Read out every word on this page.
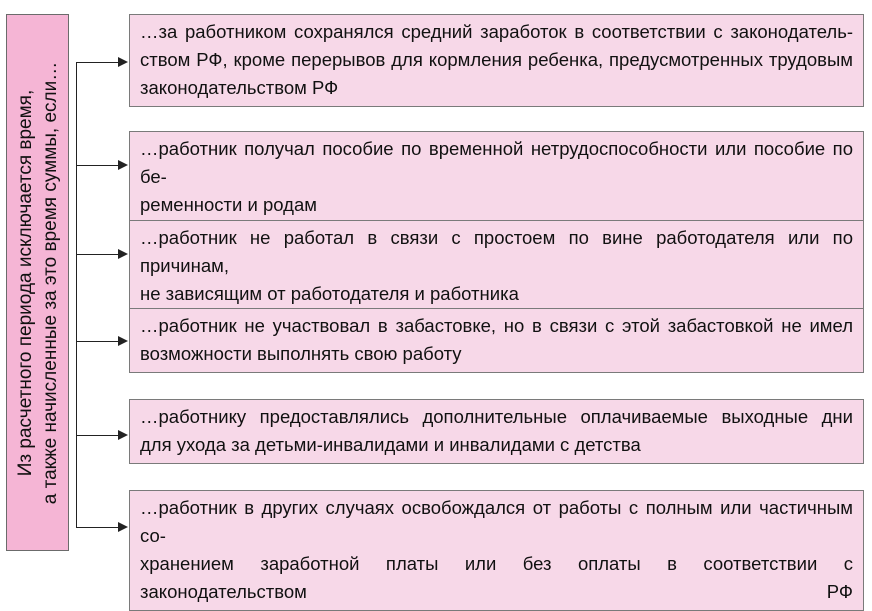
Из расчетного периода исключается время, а также начисленные за это время суммы, если…
…за работником сохранялся средний заработок в соответствии с законодатель-
ством РФ, кроме перерывов для кормления ребенка, предусмотренных трудовым
законодательством РФ
…работник получал пособие по временной нетрудоспособности или пособие по бе-
ременности и родам
…работник не работал в связи с простоем по вине работодателя или по причинам,
не зависящим от работодателя и работника
…работник не участвовал в забастовке, но в связи с этой забастовкой не имел
возможности выполнять свою работу
…работнику предоставлялись дополнительные оплачиваемые выходные дни
для ухода за детьми-инвалидами и инвалидами с детства
…работник в других случаях освобождался от работы с полным или частичным со-
хранением заработной платы или без оплаты в соответствии с законодательством РФ
